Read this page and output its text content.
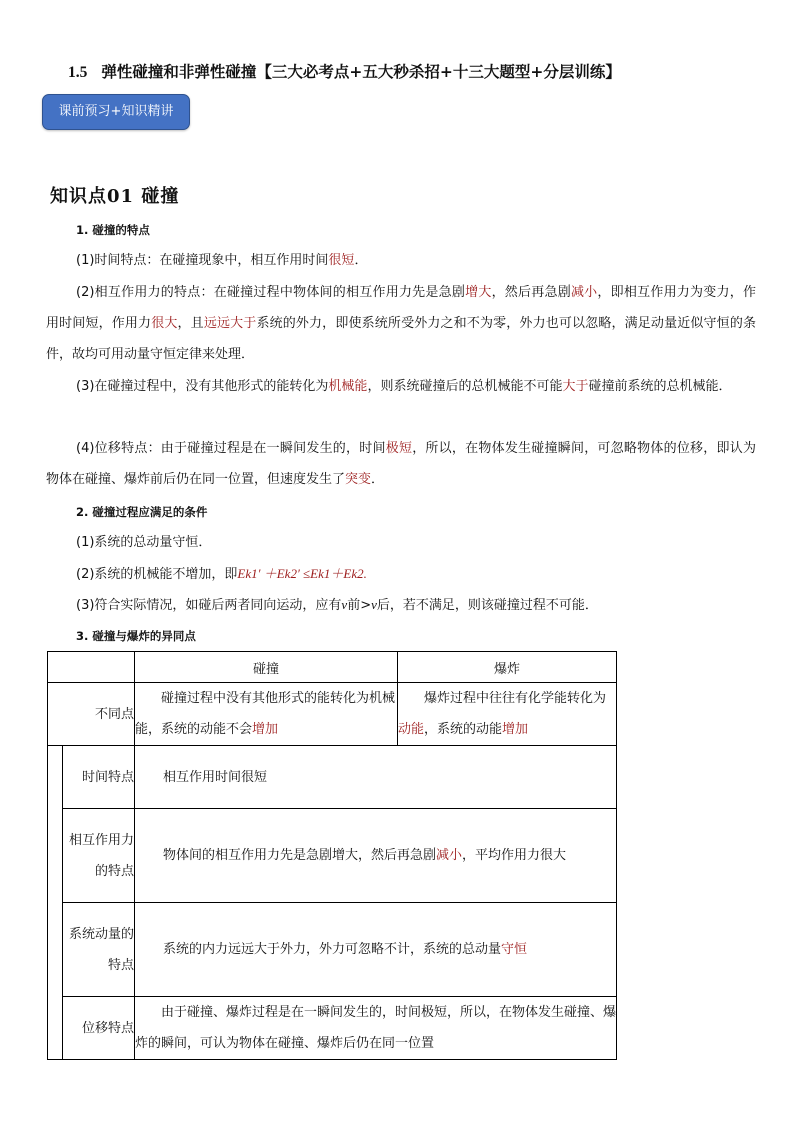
1.5 弹性碰撞和非弹性碰撞【三大必考点+五大秒杀招+十三大题型+分层训练】
课前预习+知识精讲
知识点01 碰撞
1. 碰撞的特点
(1)时间特点：在碰撞现象中，相互作用时间很短．
(2)相互作用力的特点：在碰撞过程中物体间的相互作用力先是急剧增大，然后再急剧减小，即相互作用力为变力，作用时间短，作用力很大，且远远大于系统的外力，即使系统所受外力之和不为零，外力也可以忽略，满足动量近似守恒的条件，故均可用动量守恒定律来处理．
(3)在碰撞过程中，没有其他形式的能转化为机械能，则系统碰撞后的总机械能不可能大于碰撞前系统的总机械能．
(4)位移特点：由于碰撞过程是在一瞬间发生的，时间极短，所以，在物体发生碰撞瞬间，可忽略物体的位移，即认为物体在碰撞、爆炸前后仍在同一位置，但速度发生了突变．
2. 碰撞过程应满足的条件
(1)系统的总动量守恒．
(2)系统的机械能不增加，即Ek1′ ＋Ek2′ ≤Ek1＋Ek2.
(3)符合实际情况，如碰后两者同向运动，应有v前>v后，若不满足，则该碰撞过程不可能．
3. 碰撞与爆炸的异同点
		碰撞	爆炸
不同点		碰撞过程中没有其他形式的能转化为机械能，系统的动能不会增加	爆炸过程中往往有化学能转化为动能，系统的动能增加
	时间特点	相互作用时间很短	
	相互作用力的特点	物体间的相互作用力先是急剧增大，然后再急剧减小，平均作用力很大	
	系统动量的特点	系统的内力远远大于外力，外力可忽略不计，系统的总动量守恒	
	位移特点	由于碰撞、爆炸过程是在一瞬间发生的，时间极短，所以，在物体发生碰撞、爆炸的瞬间，可认为物体在碰撞、爆炸后仍在同一位置	
